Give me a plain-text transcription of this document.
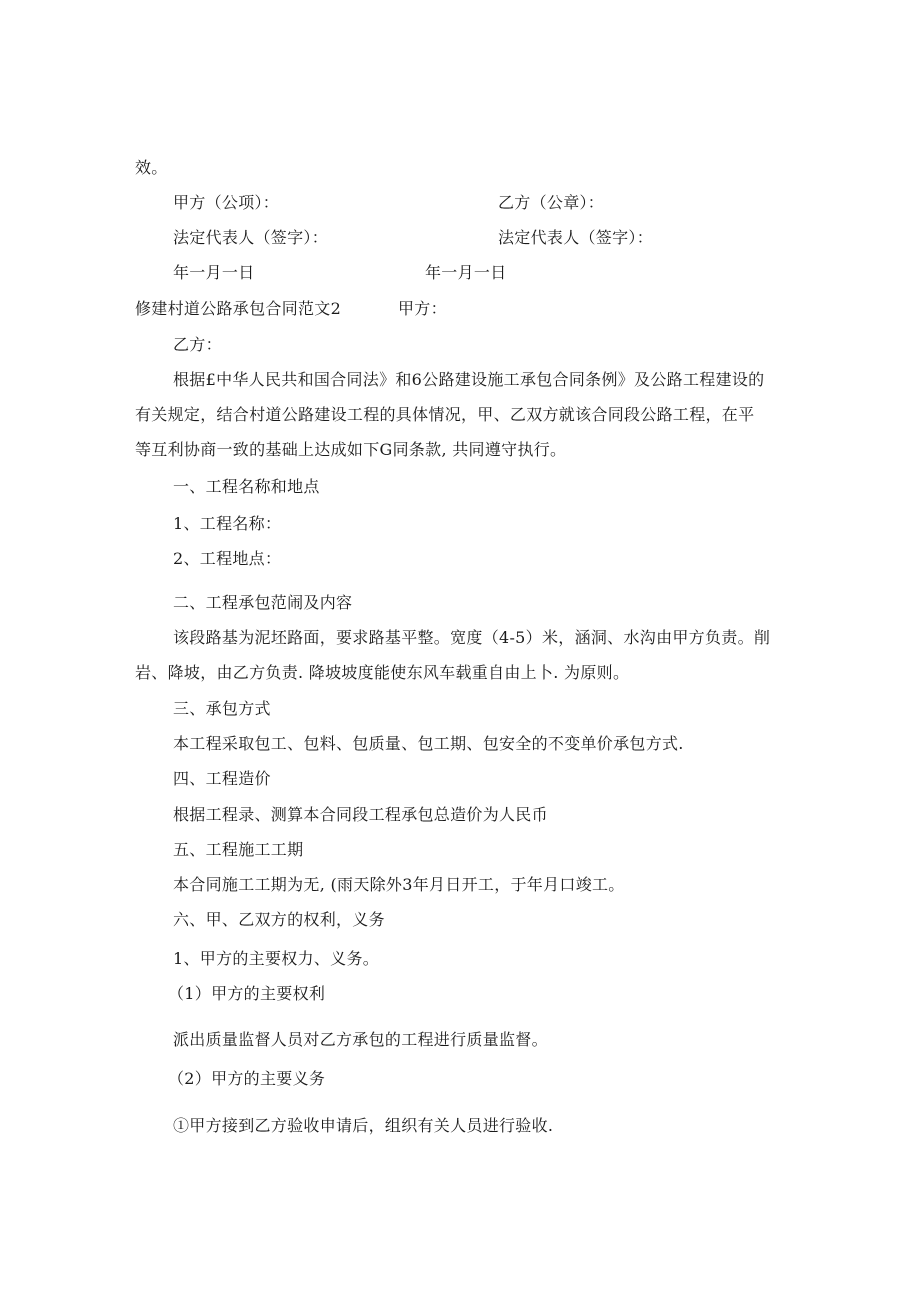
效。
甲方（公项）：	乙方（公章）：
法定代表人（签字）：	法定代表人（签字）：
年一月一日	年一月一日
修建村道公路承包合同范文2	甲方：
乙方：
根据£中华人民共和国合同法》和6公路建设施工承包合同条例》及公路工程建设的
有关规定，结合村道公路建设工程的具体情况，甲、乙双方就该合同段公路工程，在平
等互利协商一致的基础上达成如下G同条款, 共同遵守执行。
一、工程名称和地点
1、工程名称：
2、工程地点：
二、工程承包范闹及内容
该段路基为泥坯路面，要求路基平整。宽度（4-5）米，涵洞、水沟由甲方负责。削
岩、降坡，由乙方负责. 降坡坡度能使东风车载重自由上卜. 为原则。
三、承包方式
本工程采取包工、包料、包质量、包工期、包安全的不变单价承包方式.
四、工程造价
根据工程录、测算本合同段工程承包总造价为人民币
五、工程施工工期
本合同施工工期为无, (雨天除外3年月日开工，于年月口竣工。
六、甲、乙双方的权利，义务
1、甲方的主要权力、义务。
（1）甲方的主要权利
派出质量监督人员对乙方承包的工程进行质量监督。
（2）甲方的主要义务
①甲方接到乙方验收申请后，组织有关人员进行验收.
